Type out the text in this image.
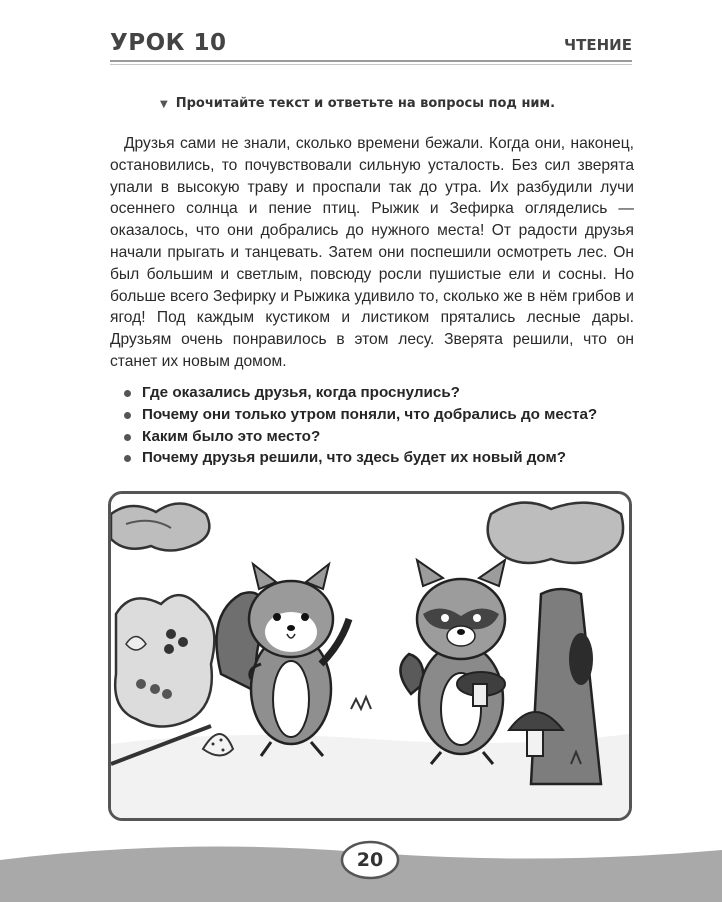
УРОК 10	ЧТЕНИЕ
▼ Прочитайте текст и ответьте на вопросы под ним.
Друзья сами не знали, сколько времени бежали. Когда они, наконец, остановились, то почувствовали сильную усталость. Без сил зверята упали в высокую траву и проспали так до утра. Их разбудили лучи осеннего солнца и пение птиц. Рыжик и Зефирка огляделись — оказалось, что они добрались до нужного места! От радости друзья начали прыгать и танцевать. Затем они поспешили осмотреть лес. Он был большим и светлым, повсюду росли пушистые ели и сосны. Но больше всего Зефирку и Рыжика удивило то, сколько же в нём грибов и ягод! Под каждым кустиком и листиком прятались лесные дары. Друзьям очень понравилось в этом лесу. Зверята решили, что он станет их новым домом.
Где оказались друзья, когда проснулись?
Почему они только утром поняли, что добрались до места?
Каким было это место?
Почему друзья решили, что здесь будет их новый дом?
20
